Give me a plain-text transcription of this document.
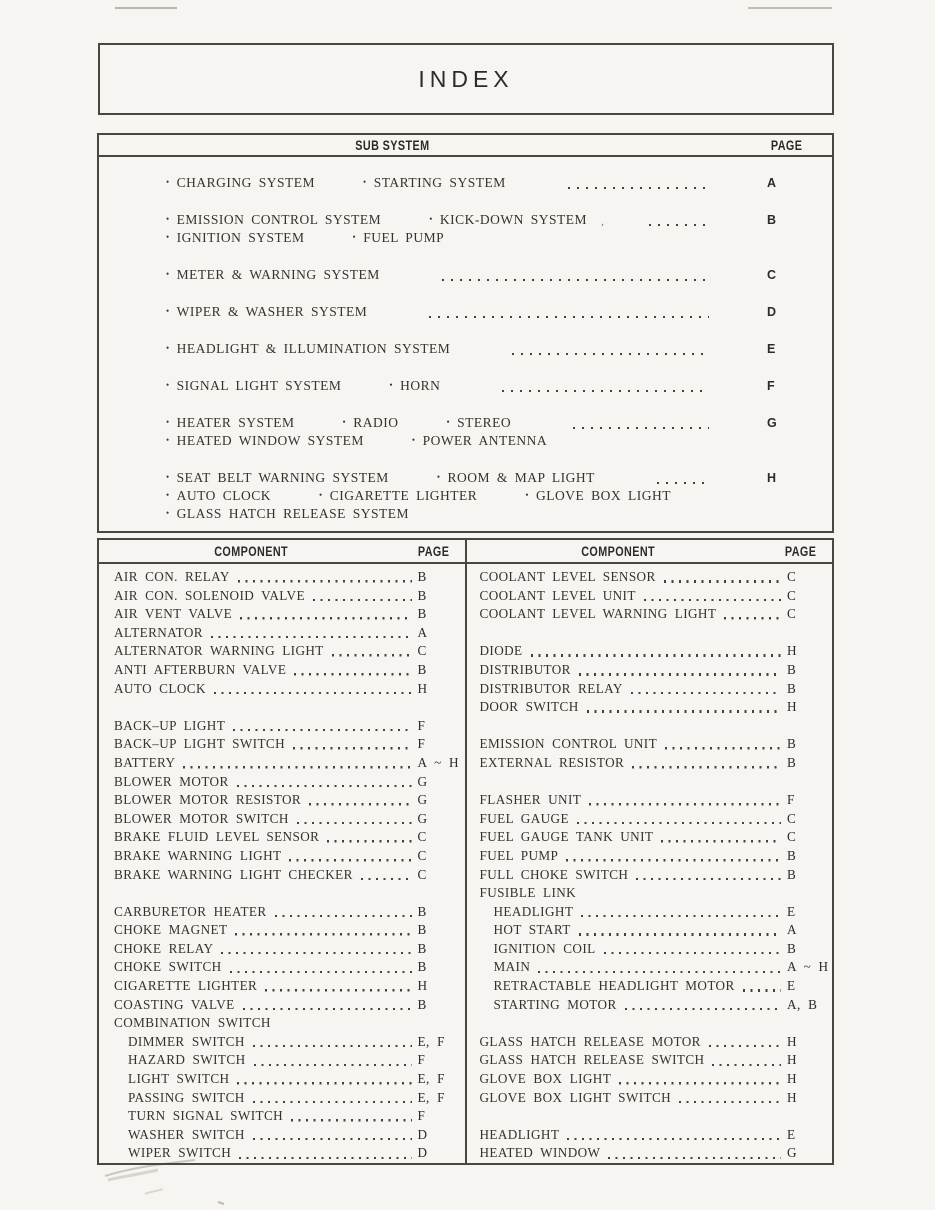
’
INDEX
SUB SYSTEM	PAGE
• CHARGING SYSTEM	• STARTING SYSTEM	A
• EMISSION CONTROL SYSTEM	• KICK-DOWN SYSTEM	B
• IGNITION SYSTEM	• FUEL PUMP
• METER & WARNING SYSTEM	C
• WIPER & WASHER SYSTEM	D
• HEADLIGHT & ILLUMINATION SYSTEM	E
• SIGNAL LIGHT SYSTEM	• HORN	F
• HEATER SYSTEM	• RADIO	• STEREO	G
• HEATED WINDOW SYSTEM	• POWER ANTENNA
• SEAT BELT WARNING SYSTEM	• ROOM & MAP LIGHT	H
• AUTO CLOCK	• CIGARETTE LIGHTER	• GLOVE BOX LIGHT
• GLASS HATCH RELEASE SYSTEM
COMPONENT	PAGE	COMPONENT	PAGE
AIR CON. RELAY	B
AIR CON. SOLENOID VALVE	B
AIR VENT VALVE	B
ALTERNATOR	A
ALTERNATOR WARNING LIGHT	C
ANTI AFTERBURN VALVE	B
AUTO CLOCK	H
BACK–UP LIGHT	F
BACK–UP LIGHT SWITCH	F
BATTERY	A ~ H
BLOWER MOTOR	G
BLOWER MOTOR RESISTOR	G
BLOWER MOTOR SWITCH	G
BRAKE FLUID LEVEL SENSOR	C
BRAKE WARNING LIGHT	C
BRAKE WARNING LIGHT CHECKER	C
CARBURETOR HEATER	B
CHOKE MAGNET	B
CHOKE RELAY	B
CHOKE SWITCH	B
CIGARETTE LIGHTER	H
COASTING VALVE	B
COMBINATION SWITCH
DIMMER SWITCH	E, F
HAZARD SWITCH	F
LIGHT SWITCH	E, F
PASSING SWITCH	E, F
TURN SIGNAL SWITCH	F
WASHER SWITCH	D
WIPER SWITCH	D
COOLANT LEVEL SENSOR	C
COOLANT LEVEL UNIT	C
COOLANT LEVEL WARNING LIGHT	C
DIODE	H
DISTRIBUTOR	B
DISTRIBUTOR RELAY	B
DOOR SWITCH	H
EMISSION CONTROL UNIT	B
EXTERNAL RESISTOR	B
FLASHER UNIT	F
FUEL GAUGE	C
FUEL GAUGE TANK UNIT	C
FUEL PUMP	B
FULL CHOKE SWITCH	B
FUSIBLE LINK
HEADLIGHT	E
HOT START	A
IGNITION COIL	B
MAIN	A ~ H
RETRACTABLE HEADLIGHT MOTOR	E
STARTING MOTOR	A, B
GLASS HATCH RELEASE MOTOR	H
GLASS HATCH RELEASE SWITCH	H
GLOVE BOX LIGHT	H
GLOVE BOX LIGHT SWITCH	H
HEADLIGHT	E
HEATED WINDOW	G
